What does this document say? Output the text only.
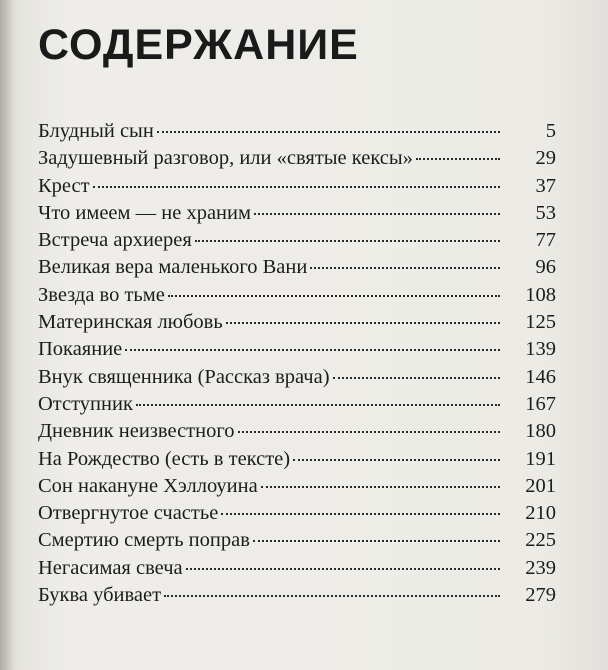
СОДЕРЖАНИЕ
Блудный сын	5
Задушевный разговор, или «святые кексы»	29
Крест	37
Что имеем — не храним	53
Встреча архиерея	77
Великая вера маленького Вани	96
Звезда во тьме	108
Материнская любовь	125
Покаяние	139
Внук священника (Рассказ врача)	146
Отступник	167
Дневник неизвестного	180
На Рождество (есть в тексте)	191
Сон накануне Хэллоуина	201
Отвергнутое счастье	210
Смертию смерть поправ	225
Негасимая свеча	239
Буква убивает	279
